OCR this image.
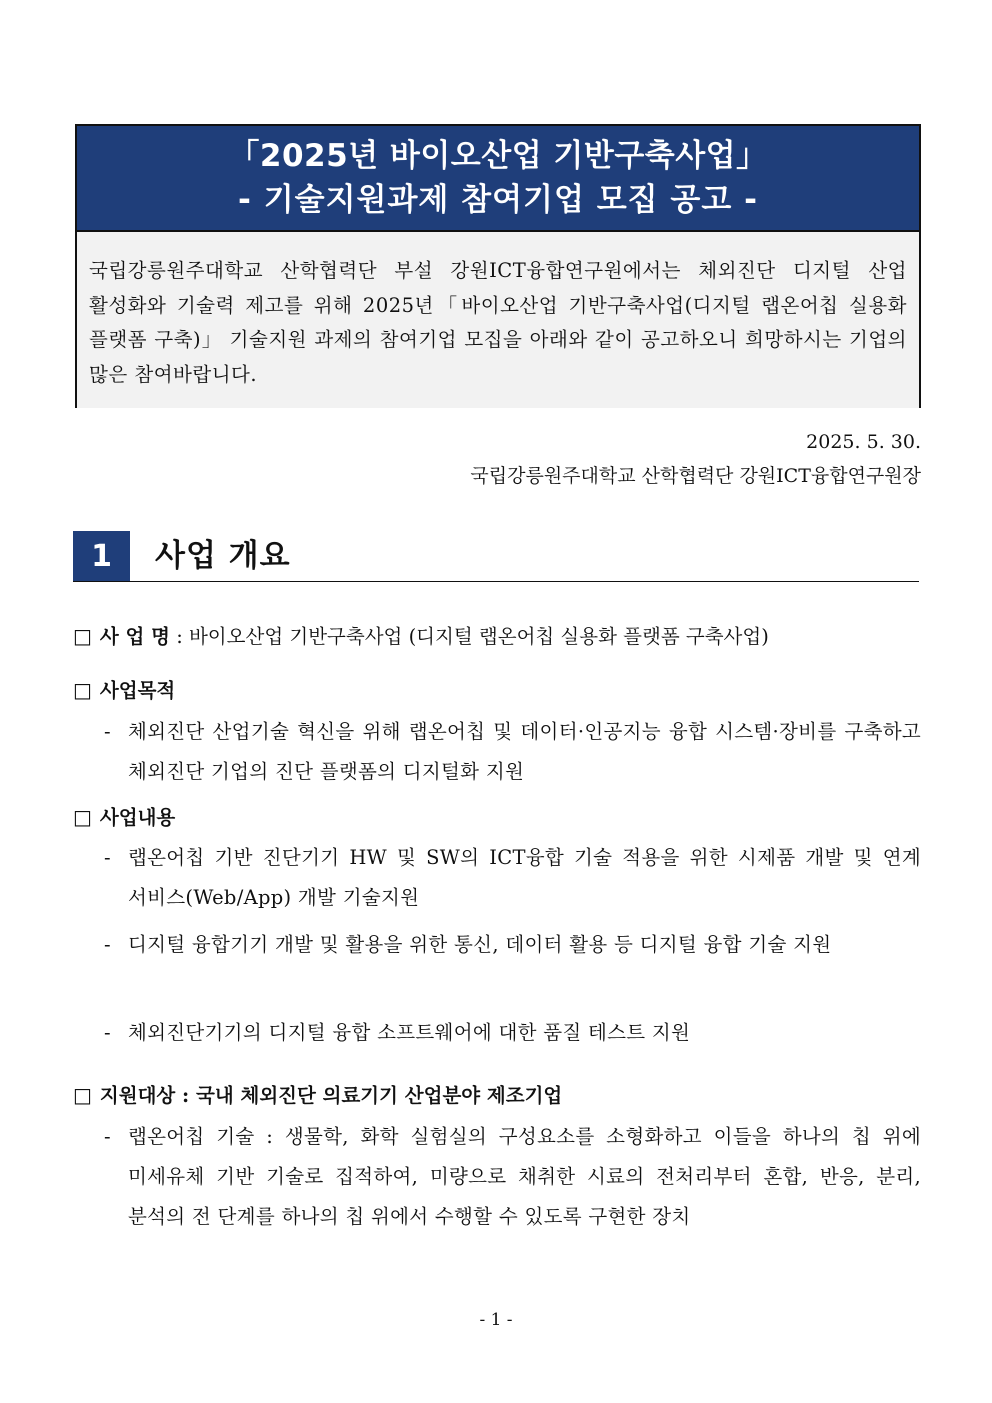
「2025년 바이오산업 기반구축사업」
- 기술지원과제 참여기업 모집 공고 -
국립강릉원주대학교 산학협력단 부설 강원ICT융합연구원에서는 체외진단 디지털 산업 활성화와 기술력 제고를 위해 2025년「바이오산업 기반구축사업(디지털 랩온어칩 실용화 플랫폼 구축)」 기술지원 과제의 참여기업 모집을 아래와 같이 공고하오니 희망하시는 기업의 많은 참여바랍니다.
2025. 5. 30.
국립강릉원주대학교 산학협력단 강원ICT융합연구원장
1	사업 개요
□ 사 업 명 : 바이오산업 기반구축사업 (디지털 랩온어칩 실용화 플랫폼 구축사업)
□ 사업목적
- 체외진단 산업기술 혁신을 위해 랩온어칩 및 데이터·인공지능 융합 시스템·장비를 구축하고 체외진단 기업의 진단 플랫폼의 디지털화 지원
□ 사업내용
- 랩온어칩 기반 진단기기 HW 및 SW의 ICT융합 기술 적용을 위한 시제품 개발 및 연계 서비스(Web/App) 개발 기술지원
- 디지털 융합기기 개발 및 활용을 위한 통신, 데이터 활용 등 디지털 융합 기술 지원
- 체외진단기기의 디지털 융합 소프트웨어에 대한 품질 테스트 지원
□ 지원대상 : 국내 체외진단 의료기기 산업분야 제조기업
- 랩온어칩 기술 : 생물학, 화학 실험실의 구성요소를 소형화하고 이들을 하나의 칩 위에 미세유체 기반 기술로 집적하여, 미량으로 채취한 시료의 전처리부터 혼합, 반응, 분리, 분석의 전 단계를 하나의 칩 위에서 수행할 수 있도록 구현한 장치
- 1 -
